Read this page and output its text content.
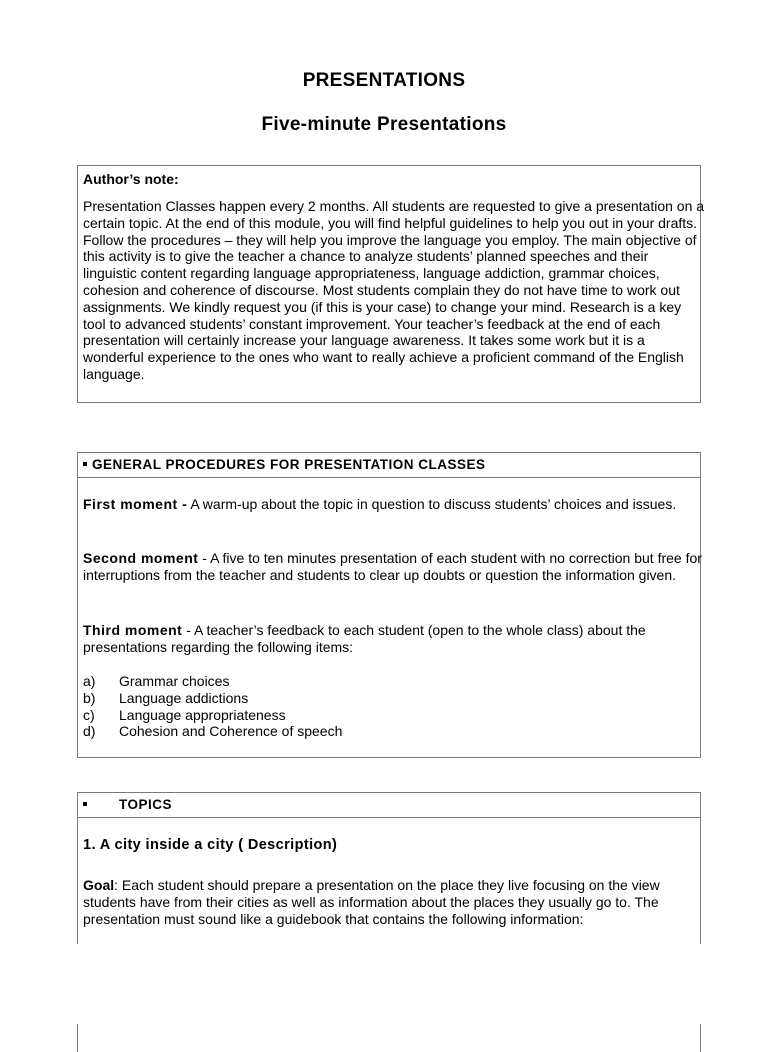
PRESENTATIONS
Five-minute Presentations
Author’s note:
Presentation Classes happen every 2 months. All students are requested to give a presentation on a certain topic. At the end of this module, you will find helpful guidelines to help you out in your drafts. Follow the procedures – they will help you improve the language you employ. The main objective of this activity is to give the teacher a chance to analyze students’ planned speeches and their linguistic content regarding language appropriateness, language addiction, grammar choices, cohesion and coherence of discourse. Most students complain they do not have time to work out assignments. We kindly request you (if this is your case) to change your mind. Research is a key tool to advanced students’ constant improvement. Your teacher’s feedback at the end of each presentation will certainly increase your language awareness. It takes some work but it is a wonderful experience to the ones who want to really achieve a proficient command of the English language.
GENERAL PROCEDURES FOR PRESENTATION CLASSES
First moment - A warm-up about the topic in question to discuss students’ choices and issues.
Second moment - A five to ten minutes presentation of each student with no correction but free for interruptions from the teacher and students to clear up doubts or question the information given.
Third moment - A teacher’s feedback to each student (open to the whole class) about the presentations regarding the following items:
a) Grammar choices
b) Language addictions
c) Language appropriateness
d) Cohesion and Coherence of speech
TOPICS
1. A city inside a city ( Description)
Goal: Each student should prepare a presentation on the place they live focusing on the view students have from their cities as well as information about the places they usually go to. The presentation must sound like a guidebook that contains the following information:
